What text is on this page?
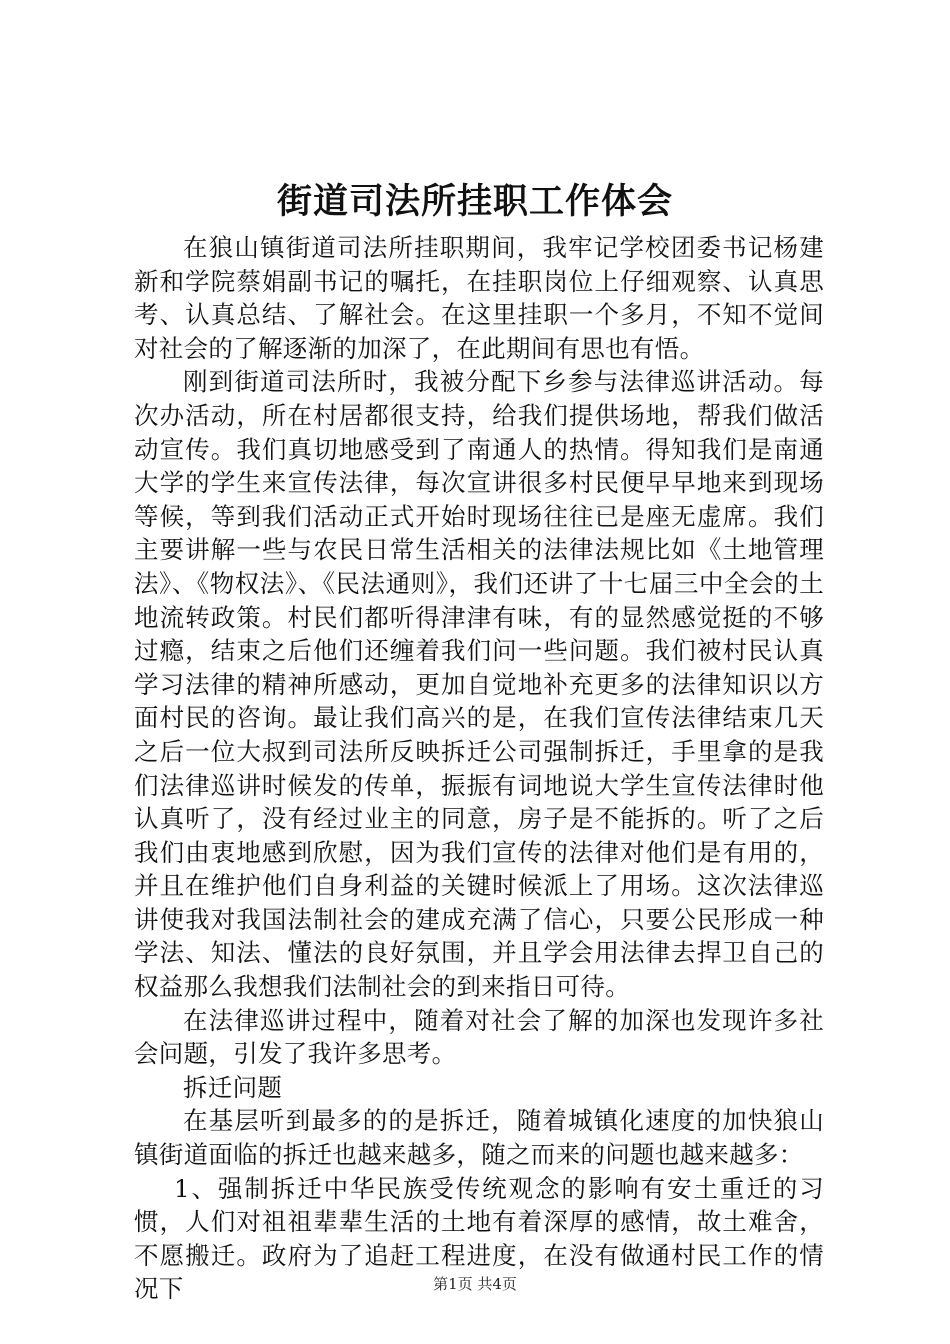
街道司法所挂职工作体会

在狼山镇街道司法所挂职期间，我牢记学校团委书记杨建新和学院蔡娟副书记的嘱托，在挂职岗位上仔细观察、认真思考、认真总结、了解社会。在这里挂职一个多月，不知不觉间对社会的了解逐渐的加深了，在此期间有思也有悟。

刚到街道司法所时，我被分配下乡参与法律巡讲活动。每次办活动，所在村居都很支持，给我们提供场地，帮我们做活动宣传。我们真切地感受到了南通人的热情。得知我们是南通大学的学生来宣传法律，每次宣讲很多村民便早早地来到现场等候，等到我们活动正式开始时现场往往已是座无虚席。我们主要讲解一些与农民日常生活相关的法律法规比如《土地管理法》、《物权法》、《民法通则》，我们还讲了十七届三中全会的土地流转政策。村民们都听得津津有味，有的显然感觉挺的不够过瘾，结束之后他们还缠着我们问一些问题。我们被村民认真学习法律的精神所感动，更加自觉地补充更多的法律知识以方面村民的咨询。最让我们高兴的是，在我们宣传法律结束几天之后一位大叔到司法所反映拆迁公司强制拆迁，手里拿的是我们法律巡讲时候发的传单，振振有词地说大学生宣传法律时他认真听了，没有经过业主的同意，房子是不能拆的。听了之后我们由衷地感到欣慰，因为我们宣传的法律对他们是有用的，并且在维护他们自身利益的关键时候派上了用场。这次法律巡讲使我对我国法制社会的建成充满了信心，只要公民形成一种学法、知法、懂法的良好氛围，并且学会用法律去捍卫自己的权益那么我想我们法制社会的到来指日可待。

在法律巡讲过程中，随着对社会了解的加深也发现许多社会问题，引发了我许多思考。

拆迁问题

在基层听到最多的的是拆迁，随着城镇化速度的加快狼山镇街道面临的拆迁也越来越多，随之而来的问题也越来越多：

1、强制拆迁中华民族受传统观念的影响有安土重迁的习惯，人们对祖祖辈辈生活的土地有着深厚的感情，故土难舍，不愿搬迁。政府为了追赶工程进度，在没有做通村民工作的情况下	第1页 共4页
